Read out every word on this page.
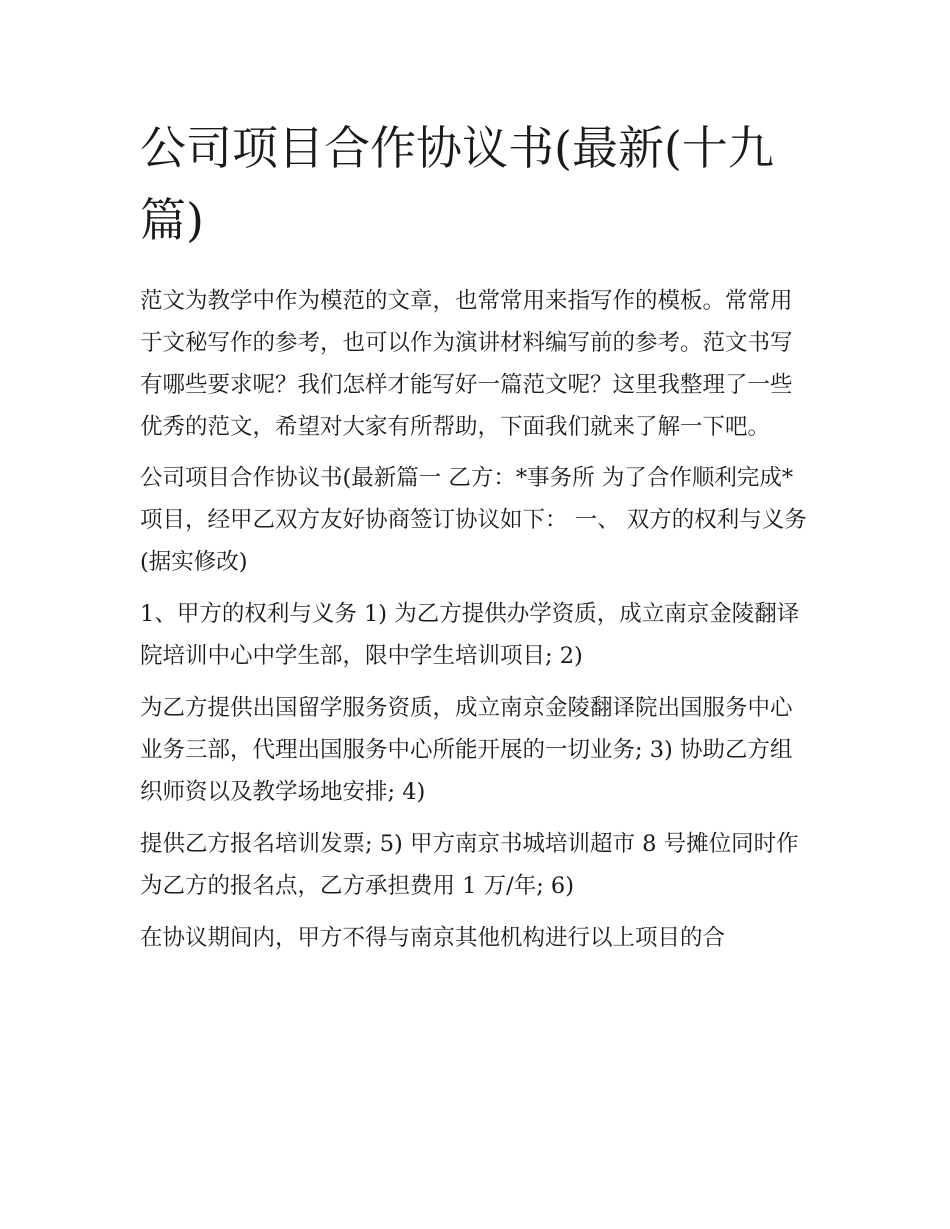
公司项目合作协议书(最新(十九篇)

范文为教学中作为模范的文章，也常常用来指写作的模板。常常用于文秘写作的参考，也可以作为演讲材料编写前的参考。范文书写有哪些要求呢？我们怎样才能写好一篇范文呢？这里我整理了一些优秀的范文，希望对大家有所帮助，下面我们就来了解一下吧。

公司项目合作协议书(最新篇一 乙方：*事务所 为了合作顺利完成*项目，经甲乙双方友好协商签订协议如下： 一、 双方的权利与义务(据实修改)

1、甲方的权利与义务 1) 为乙方提供办学资质，成立南京金陵翻译院培训中心中学生部，限中学生培训项目; 2)

为乙方提供出国留学服务资质，成立南京金陵翻译院出国服务中心业务三部，代理出国服务中心所能开展的一切业务; 3) 协助乙方组织师资以及教学场地安排; 4)

提供乙方报名培训发票; 5) 甲方南京书城培训超市 8 号摊位同时作为乙方的报名点，乙方承担费用 1 万/年; 6)

在协议期间内，甲方不得与南京其他机构进行以上项目的合
